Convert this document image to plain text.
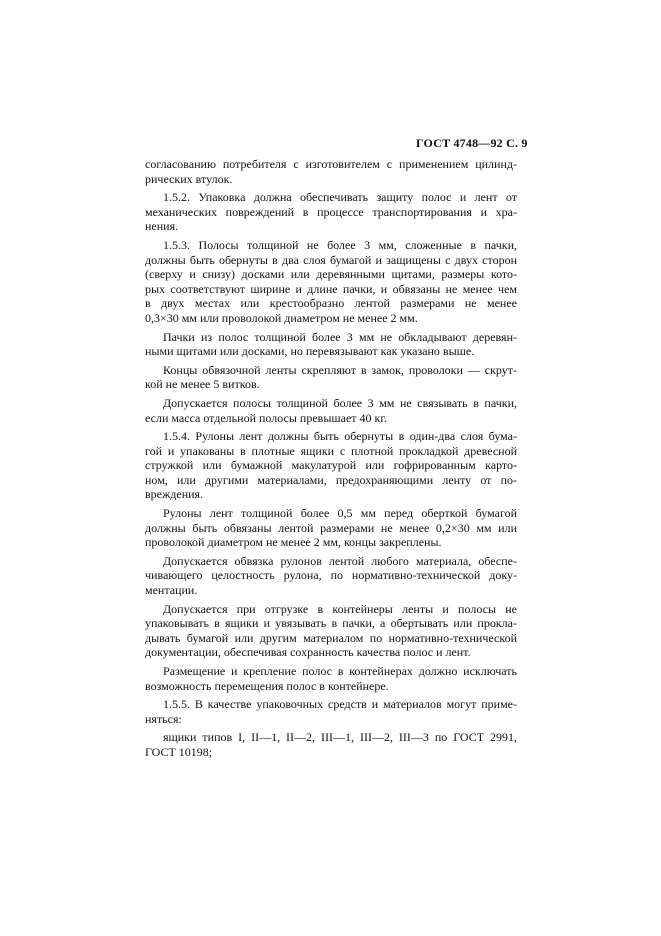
ГОСТ 4748—92 С. 9
согласованию потребителя с изготовителем с применением цилинд-
рических втулок.
1.5.2. Упаковка должна обеспечивать защиту полос и лент от
механических повреждений в процессе транспортирования и хра-
нения.
1.5.3. Полосы толщиной не более 3 мм, сложенные в пачки,
должны быть обернуты в два слоя бумагой и защищены с двух сторон
(сверху и снизу) досками или деревянными щитами, размеры кото-
рых соответствуют ширине и длине пачки, и обвязаны не менее чем
в двух местах или крестообразно лентой размерами не менее
0,3×30 мм или проволокой диаметром не менее 2 мм.
Пачки из полос толщиной более 3 мм не обкладывают деревян-
ными щитами или досками, но перевязывают как указано выше.
Концы обвязочной ленты скрепляют в замок, проволоки — скрут-
кой не менее 5 витков.
Допускается полосы толщиной более 3 мм не связывать в пачки,
если масса отдельной полосы превышает 40 кг.
1.5.4. Рулоны лент должны быть обернуты в один-два слоя бума-
гой и упакованы в плотные ящики с плотной прокладкой древесной
стружкой или бумажной макулатурой или гофрированным карто-
ном, или другими материалами, предохраняющими ленту от по-
вреждения.
Рулоны лент толщиной более 0,5 мм перед оберткой бумагой
должны быть обвязаны лентой размерами не менее 0,2×30 мм или
проволокой диаметром не менее 2 мм, концы закреплены.
Допускается обвязка рулонов лентой любого материала, обеспе-
чивающего целостность рулона, по нормативно-технической доку-
ментации.
Допускается при отгрузке в контейнеры ленты и полосы не
упаковывать в ящики и увязывать в пачки, а обертывать или прокла-
дывать бумагой или другим материалом по нормативно-технической
документации, обеспечивая сохранность качества полос и лент.
Размещение и крепление полос в контейнерах должно исключать
возможность перемещения полос в контейнере.
1.5.5. В качестве упаковочных средств и материалов могут приме-
няться:
ящики типов I, II—1, II—2, III—1, III—2, III—3 по ГОСТ 2991,
ГОСТ 10198;
